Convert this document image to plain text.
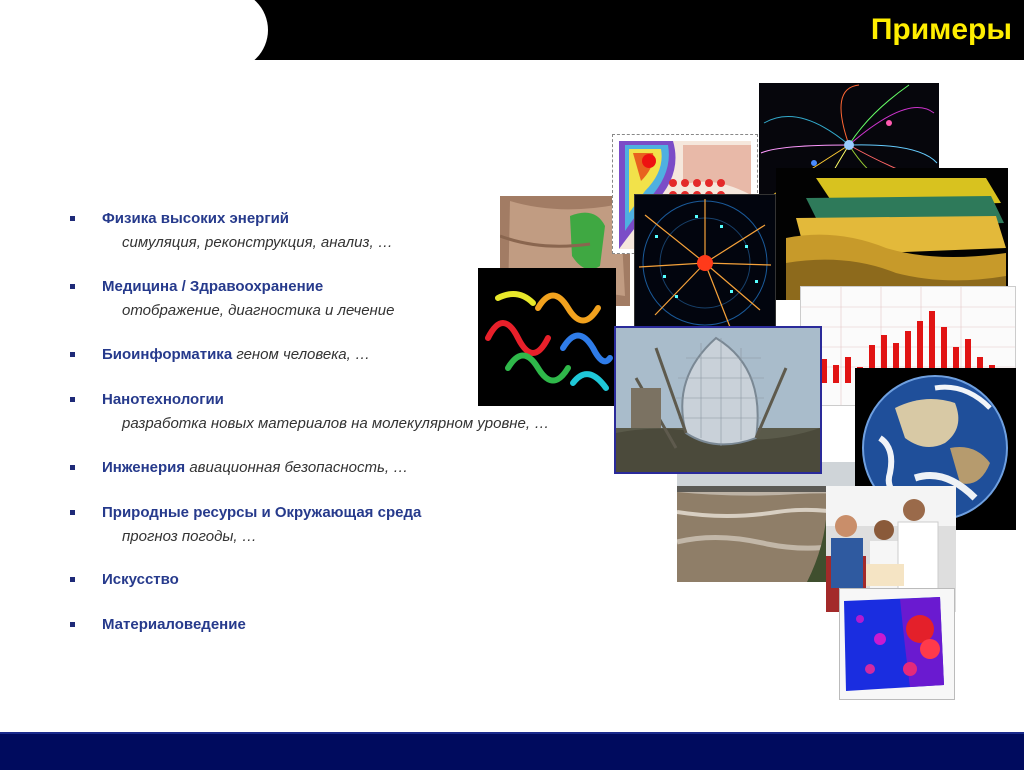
Примеры
Физика высоких энергий
симуляция, реконструкция, анализ, …
Медицина / Здравоохранение
отображение, диагностика и лечение
Биоинформатика геном человека, …
Нанотехнологии
разработка новых материалов на молекулярном уровне, …
Инженерия авиационная безопасность, …
Природные ресурсы и Окружающая среда
прогноз погоды, …
Искусство
Материаловедение
